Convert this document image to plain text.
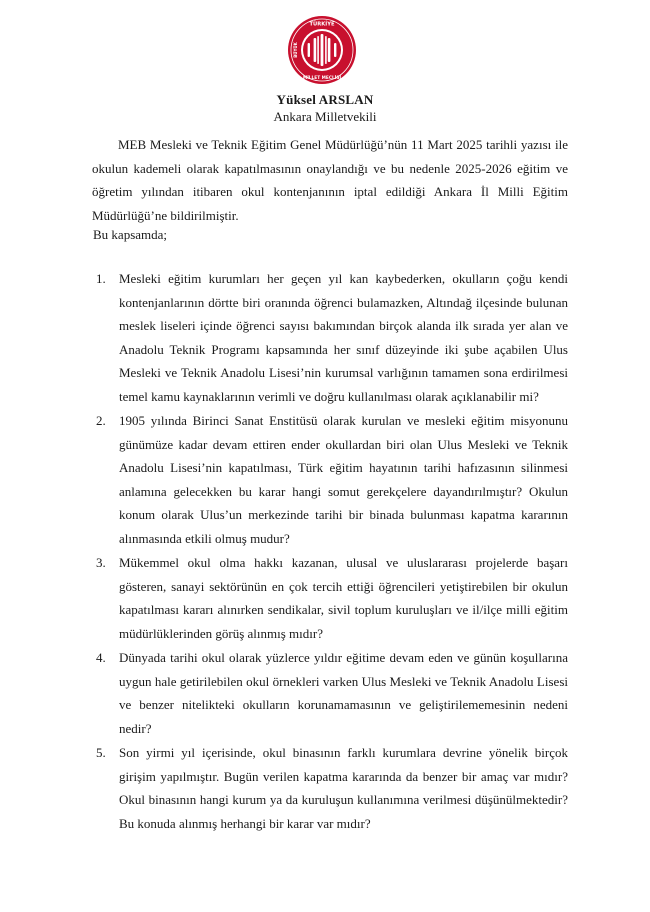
TÜRKİYE
MİLLET MECLİSİ
BÜYÜK
Yüksel ARSLAN
Ankara Milletvekili

MEB Mesleki ve Teknik Eğitim Genel Müdürlüğü’nün 11 Mart 2025 tarihli yazısı ile okulun kademeli olarak kapatılmasının onaylandığı ve bu nedenle 2025-2026 eğitim ve öğretim yılından itibaren okul kontenjanının iptal edildiği Ankara İl Milli Eğitim Müdürlüğü’ne bildirilmiştir.

Bu kapsamda;
1.	Mesleki eğitim kurumları her geçen yıl kan kaybederken, okulların çoğu kendi kontenjanlarının dörtte biri oranında öğrenci bulamazken, Altındağ ilçesinde bulunan meslek liseleri içinde öğrenci sayısı bakımından birçok alanda ilk sırada yer alan ve Anadolu Teknik Programı kapsamında her sınıf düzeyinde iki şube açabilen Ulus Mesleki ve Teknik Anadolu Lisesi’nin kurumsal varlığının tamamen sona erdirilmesi temel kamu kaynaklarının verimli ve doğru kullanılması olarak açıklanabilir mi?
2.	1905 yılında Birinci Sanat Enstitüsü olarak kurulan ve mesleki eğitim misyonunu günümüze kadar devam ettiren ender okullardan biri olan Ulus Mesleki ve Teknik Anadolu Lisesi’nin kapatılması, Türk eğitim hayatının tarihi hafızasının silinmesi anlamına gelecekken bu karar hangi somut gerekçelere dayandırılmıştır? Okulun konum olarak Ulus’un merkezinde tarihi bir binada bulunması kapatma kararının alınmasında etkili olmuş mudur?
3.	Mükemmel okul olma hakkı kazanan, ulusal ve uluslararası projelerde başarı gösteren, sanayi sektörünün en çok tercih ettiği öğrencileri yetiştirebilen bir okulun kapatılması kararı alınırken sendikalar, sivil toplum kuruluşları ve il/ilçe milli eğitim müdürlüklerinden görüş alınmış mıdır?
4.	Dünyada tarihi okul olarak yüzlerce yıldır eğitime devam eden ve günün koşullarına uygun hale getirilebilen okul örnekleri varken Ulus Mesleki ve Teknik Anadolu Lisesi ve benzer nitelikteki okulların korunamamasının ve geliştirilememesinin nedeni nedir?
5.	Son yirmi yıl içerisinde, okul binasının farklı kurumlara devrine yönelik birçok girişim yapılmıştır. Bugün verilen kapatma kararında da benzer bir amaç var mıdır? Okul binasının hangi kurum ya da kuruluşun kullanımına verilmesi düşünülmektedir? Bu konuda alınmış herhangi bir karar var mıdır?
